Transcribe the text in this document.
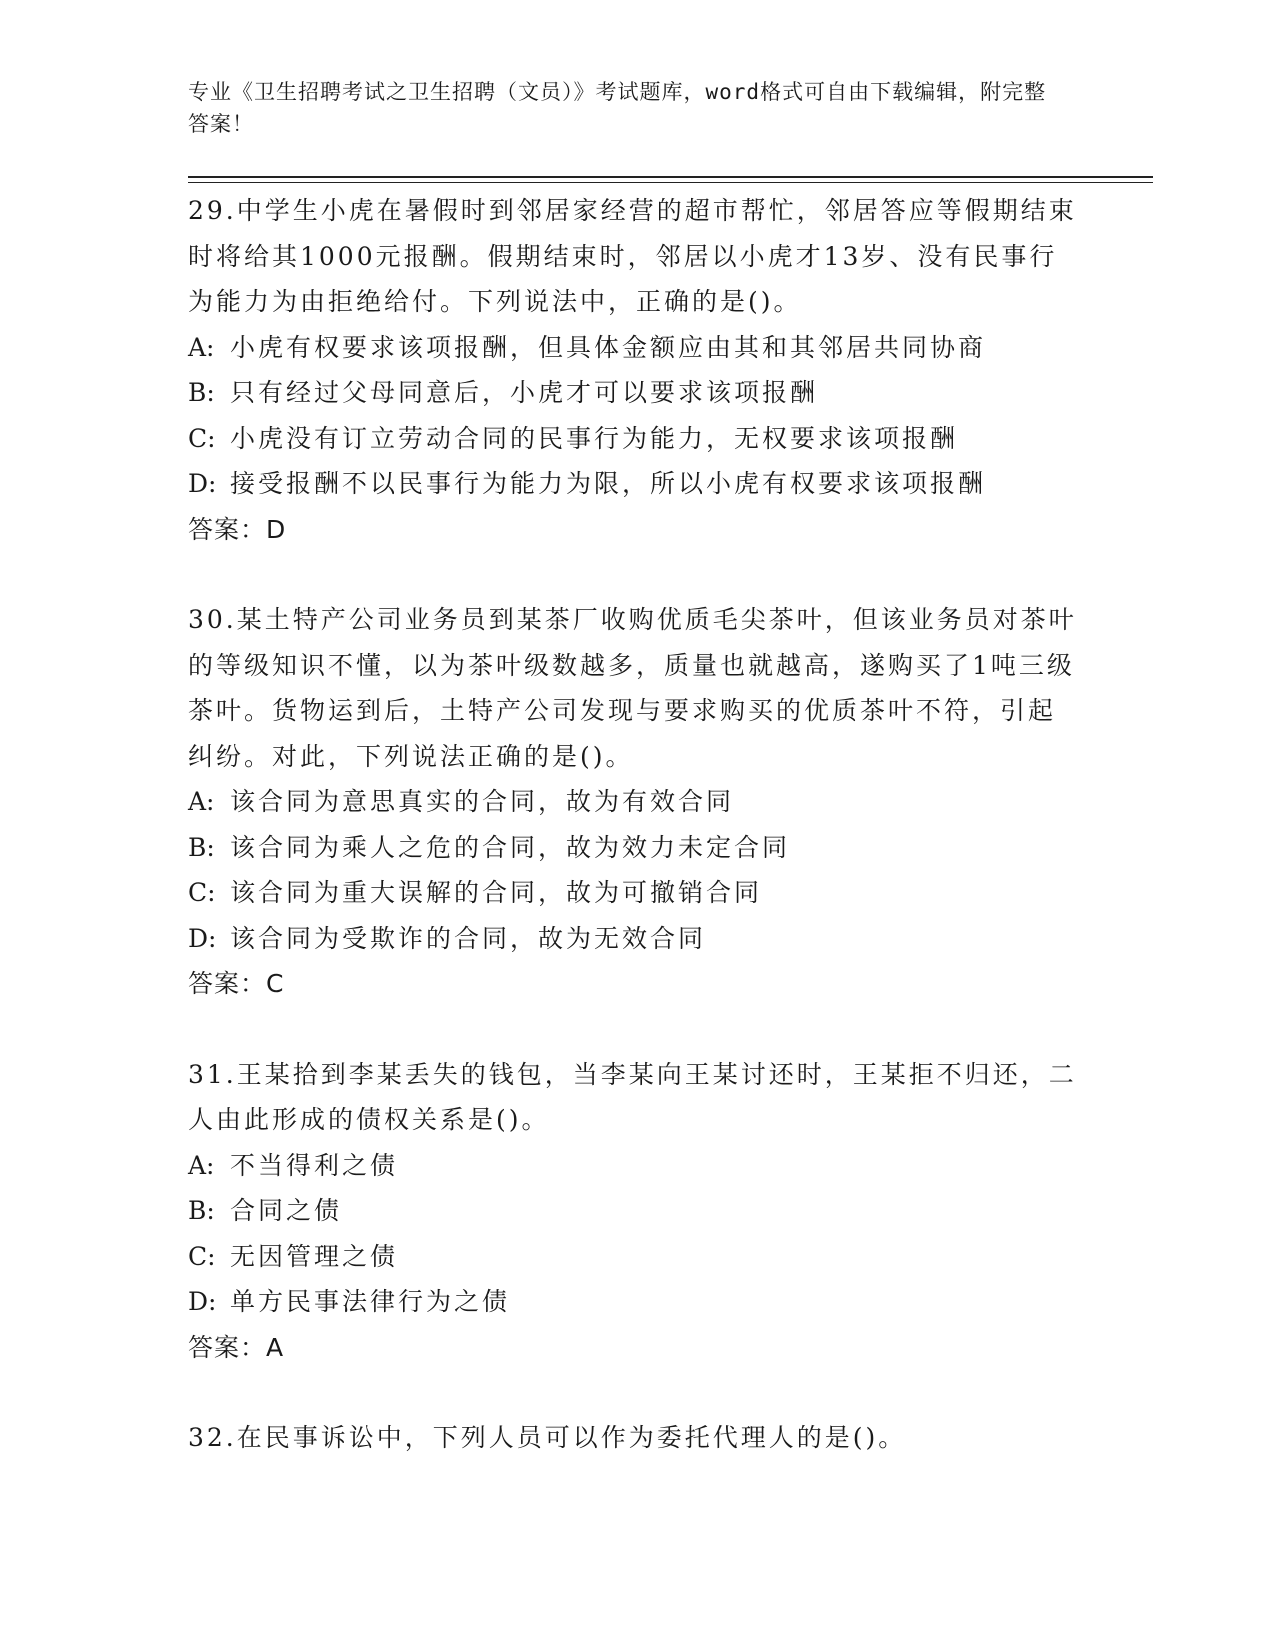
专业《卫生招聘考试之卫生招聘（文员）》考试题库，word格式可自由下载编辑，附完整答案！

29.中学生小虎在暑假时到邻居家经营的超市帮忙，邻居答应等假期结束时将给其1000元报酬。假期结束时，邻居以小虎才13岁、没有民事行为能力为由拒绝给付。下列说法中，正确的是()。

A: 小虎有权要求该项报酬，但具体金额应由其和其邻居共同协商

B: 只有经过父母同意后，小虎才可以要求该项报酬

C: 小虎没有订立劳动合同的民事行为能力，无权要求该项报酬

D: 接受报酬不以民事行为能力为限，所以小虎有权要求该项报酬

答案：D

30.某土特产公司业务员到某茶厂收购优质毛尖茶叶，但该业务员对茶叶的等级知识不懂，以为茶叶级数越多，质量也就越高，遂购买了1吨三级茶叶。货物运到后，土特产公司发现与要求购买的优质茶叶不符，引起纠纷。对此，下列说法正确的是()。

A: 该合同为意思真实的合同，故为有效合同

B: 该合同为乘人之危的合同，故为效力未定合同

C: 该合同为重大误解的合同，故为可撤销合同

D: 该合同为受欺诈的合同，故为无效合同

答案：C

31.王某拾到李某丢失的钱包，当李某向王某讨还时，王某拒不归还，二人由此形成的债权关系是()。

A: 不当得利之债

B: 合同之债

C: 无因管理之债

D: 单方民事法律行为之债

答案：A

32.在民事诉讼中，下列人员可以作为委托代理人的是()。
